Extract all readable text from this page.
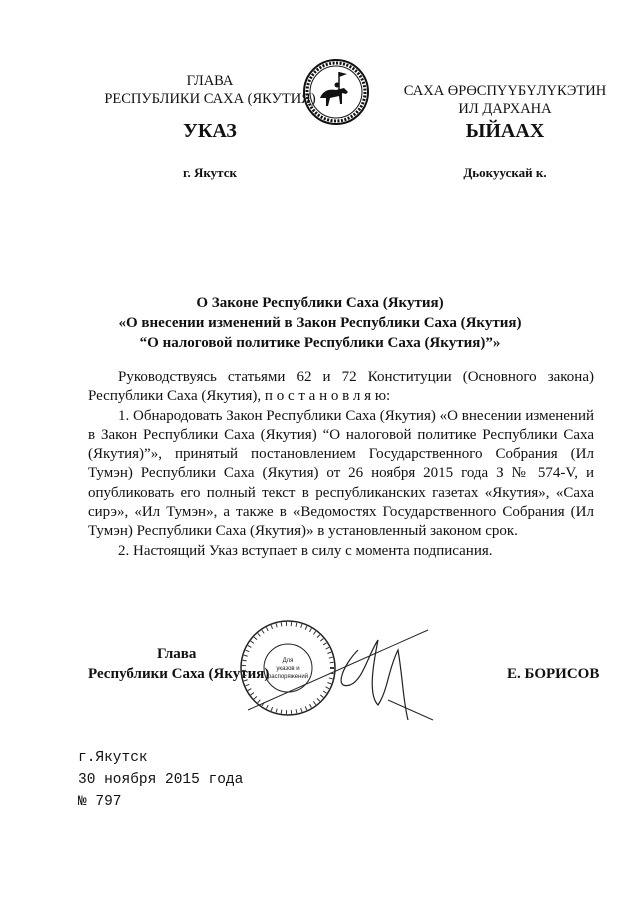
ГЛАВА
РЕСПУБЛИКИ САХА (ЯКУТИЯ)
УКАЗ
г. Якутск
САХА ӨРӨСПҮҮБҮЛҮКЭТИН
ИЛ ДАРХАНА
ЫЙААХ
Дьокуускай к.
О Законе Республики Саха (Якутия)
«О внесении изменений в Закон Республики Саха (Якутия)
“О налоговой политике Республики Саха (Якутия)”»

Руководствуясь статьями 62 и 72 Конституции (Основного закона) Республики Саха (Якутия), п о с т а н о в л я ю:

1. Обнародовать Закон Республики Саха (Якутия) «О внесении изменений в Закон Республики Саха (Якутия) “О налоговой политике Республики Саха (Якутия)”», принятый постановлением Государственного Собрания (Ил Тумэн) Республики Саха (Якутия) от 26 ноября 2015 года З № 574-V, и опубликовать его полный текст в республиканских газетах «Якутия», «Саха сирэ», «Ил Тумэн», а также в «Ведомостях Государственного Собрания (Ил Тумэн) Республики Саха (Якутия)» в установленный законом срок.

2. Настоящий Указ вступает в силу с момента подписания.

Глава
Республики Саха (Якутия)	Е. БОРИСОВ
Для
указов и
распоряжений
г.Якутск
30 ноября 2015 года
№ 797
